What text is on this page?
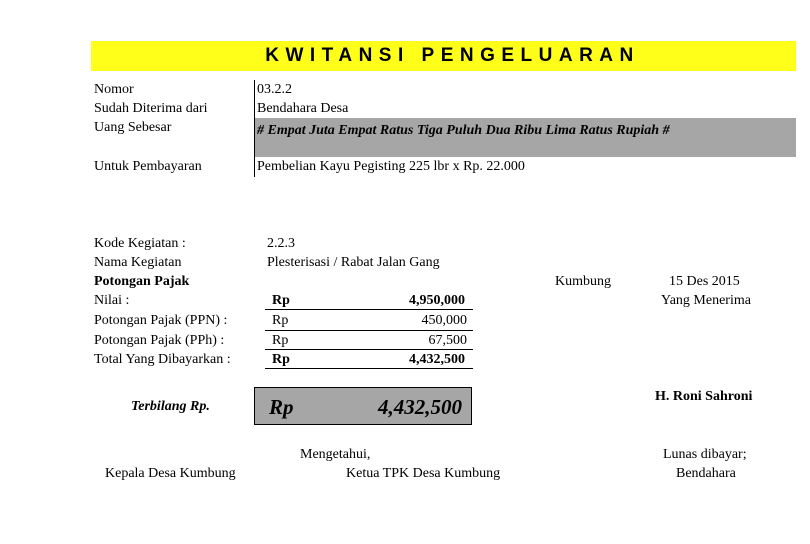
KWITANSI PENGELUARAN
Nomor	03.2.2
Sudah Diterima dari	Bendahara Desa
Uang Sebesar	# Empat Juta Empat Ratus Tiga Puluh Dua Ribu Lima Ratus Rupiah #
Untuk Pembayaran	Pembelian Kayu Pegisting 225 lbr x Rp. 22.000
Kode Kegiatan :	2.2.3
Nama Kegiatan	Plesterisasi / Rabat Jalan Gang
Potongan Pajak
Nilai :	Rp	4,950,000
Potongan Pajak (PPN) :	Rp	450,000
Potongan Pajak (PPh) :	Rp	67,500
Total Yang Dibayarkan :	Rp	4,432,500
Kumbung	15 Des 2015
Yang Menerima
H. Roni Sahroni
Terbilang Rp.	Rp	4,432,500
Mengetahui,	Lunas dibayar;
Kepala Desa Kumbung	Ketua TPK Desa Kumbung	Bendahara
